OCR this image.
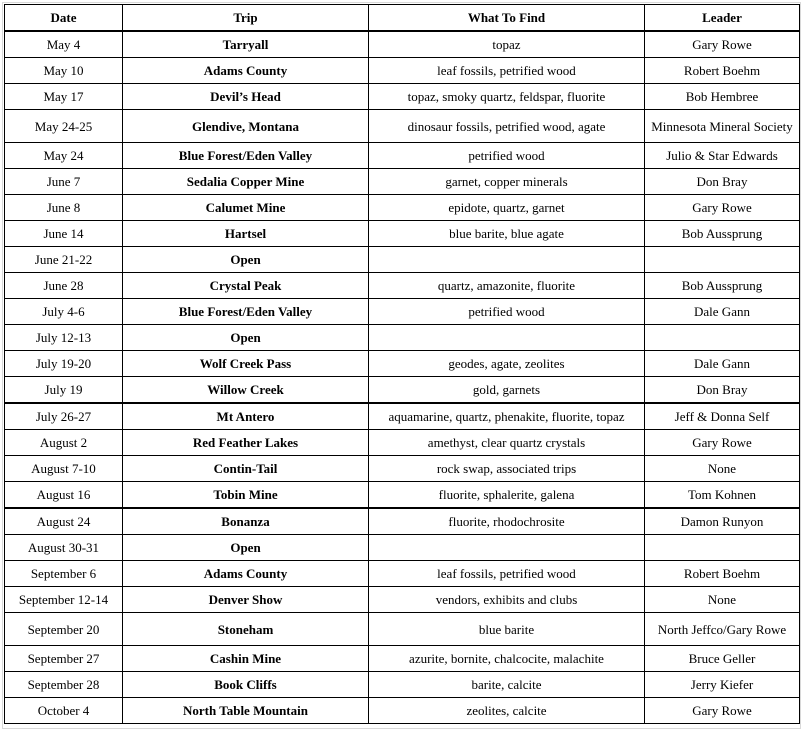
Date	Trip	What To Find	Leader
May 4	Tarryall	topaz	Gary Rowe
May 10	Adams County	leaf fossils, petrified wood	Robert Boehm
May 17	Devil’s Head	topaz, smoky quartz, feldspar, fluorite	Bob Hembree
May 24-25	Glendive, Montana	dinosaur fossils, petrified wood, agate	Minnesota Mineral Society
May 24	Blue Forest/Eden Valley	petrified wood	Julio & Star Edwards
June 7	Sedalia Copper Mine	garnet, copper minerals	Don Bray
June 8	Calumet Mine	epidote, quartz, garnet	Gary Rowe
June 14	Hartsel	blue barite, blue agate	Bob Aussprung
June 21-22	Open		
June 28	Crystal Peak	quartz, amazonite, fluorite	Bob Aussprung
July 4-6	Blue Forest/Eden Valley	petrified wood	Dale Gann
July 12-13	Open		
July 19-20	Wolf Creek Pass	geodes, agate, zeolites	Dale Gann
July 19	Willow Creek	gold, garnets	Don Bray
July 26-27	Mt Antero	aquamarine, quartz, phenakite, fluorite, topaz	Jeff & Donna Self
August 2	Red Feather Lakes	amethyst, clear quartz crystals	Gary Rowe
August 7-10	Contin-Tail	rock swap, associated trips	None
August 16	Tobin Mine	fluorite, sphalerite, galena	Tom Kohnen
August 24	Bonanza	fluorite, rhodochrosite	Damon Runyon
August 30-31	Open		
September 6	Adams County	leaf fossils, petrified wood	Robert Boehm
September 12-14	Denver Show	vendors, exhibits and clubs	None
September 20	Stoneham	blue barite	North Jeffco/Gary Rowe
September 27	Cashin Mine	azurite, bornite, chalcocite, malachite	Bruce Geller
September 28	Book Cliffs	barite, calcite	Jerry Kiefer
October 4	North Table Mountain	zeolites, calcite	Gary Rowe
